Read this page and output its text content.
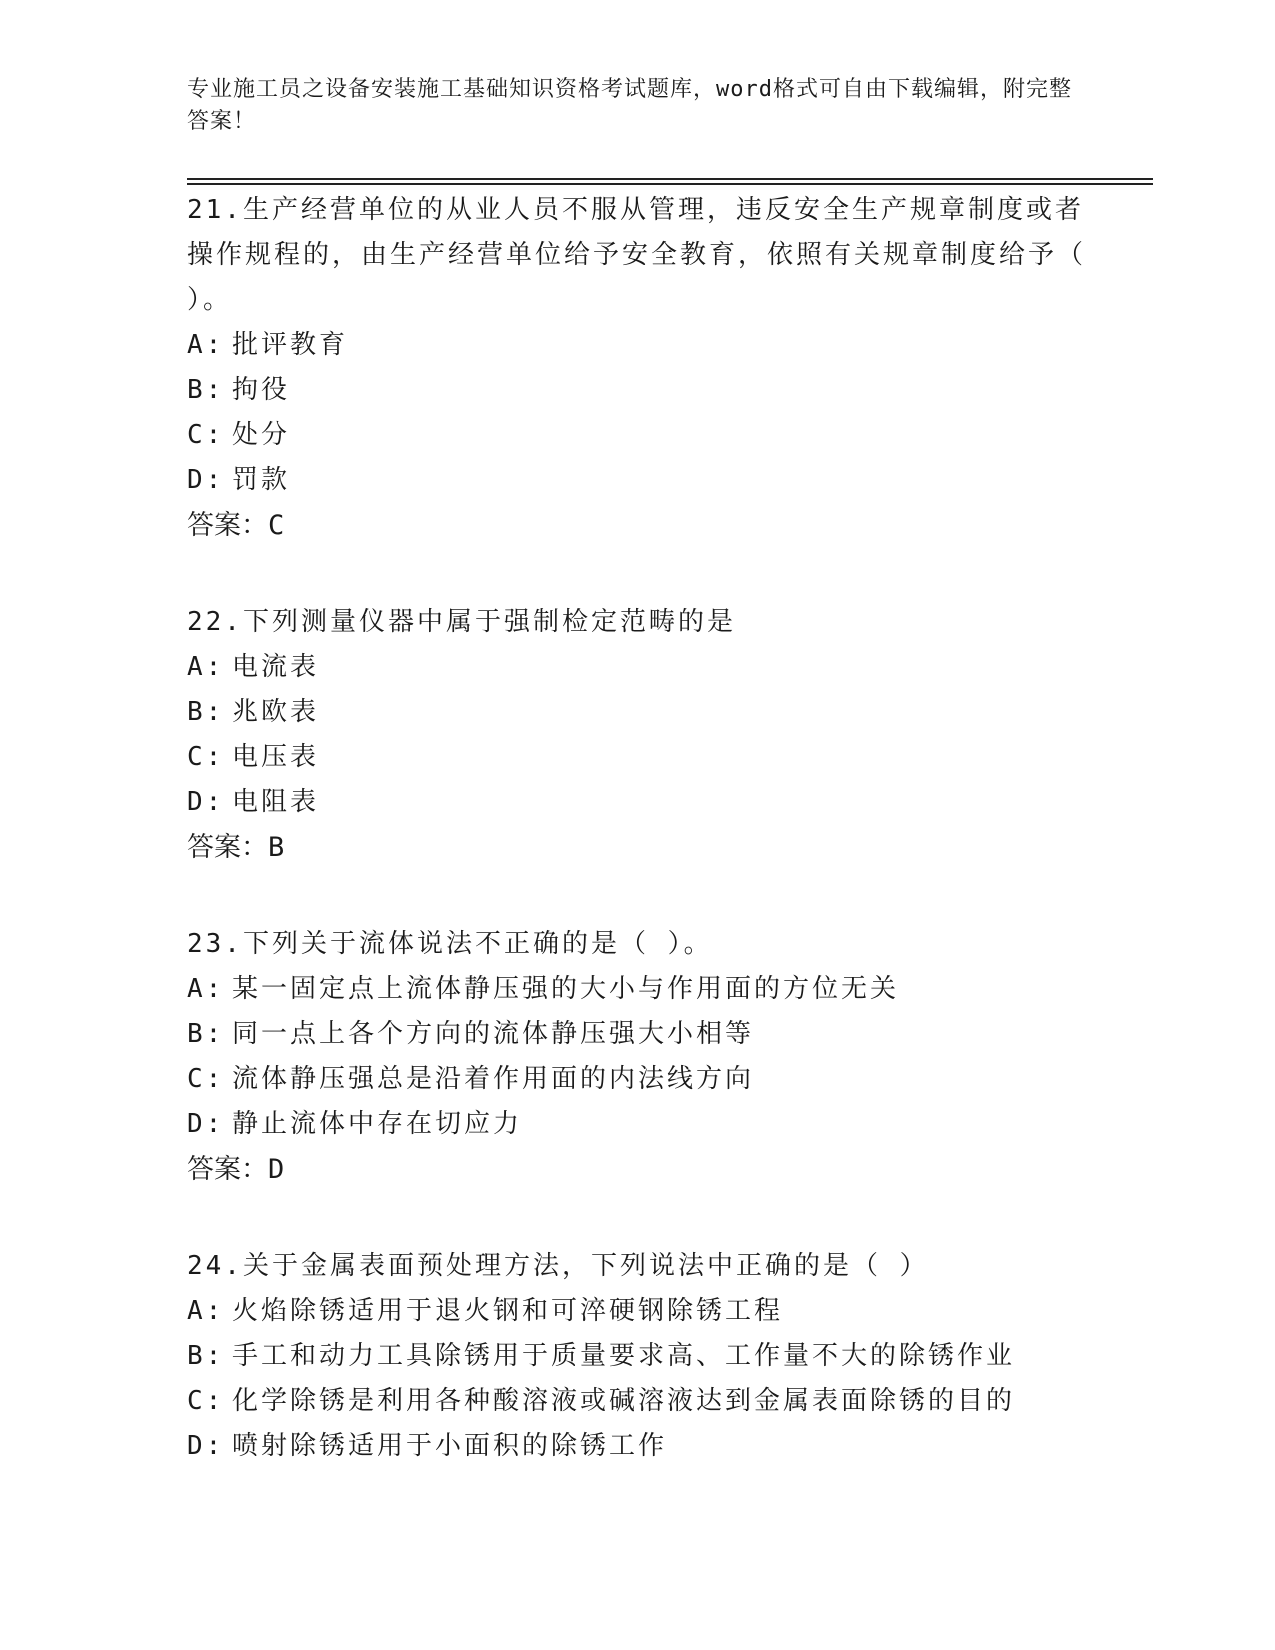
专业施工员之设备安装施工基础知识资格考试题库，word格式可自由下载编辑，附完整答案！
21.生产经营单位的从业人员不服从管理，违反安全生产规章制度或者操作规程的，由生产经营单位给予安全教育，依照有关规章制度给予（ ）。
A: 批评教育
B: 拘役
C: 处分
D: 罚款
答案：C
22.下列测量仪器中属于强制检定范畴的是
A: 电流表
B: 兆欧表
C: 电压表
D: 电阻表
答案：B
23.下列关于流体说法不正确的是（ ）。
A: 某一固定点上流体静压强的大小与作用面的方位无关
B: 同一点上各个方向的流体静压强大小相等
C: 流体静压强总是沿着作用面的内法线方向
D: 静止流体中存在切应力
答案：D
24.关于金属表面预处理方法，下列说法中正确的是（ ）
A: 火焰除锈适用于退火钢和可淬硬钢除锈工程
B: 手工和动力工具除锈用于质量要求高、工作量不大的除锈作业
C: 化学除锈是利用各种酸溶液或碱溶液达到金属表面除锈的目的
D: 喷射除锈适用于小面积的除锈工作
